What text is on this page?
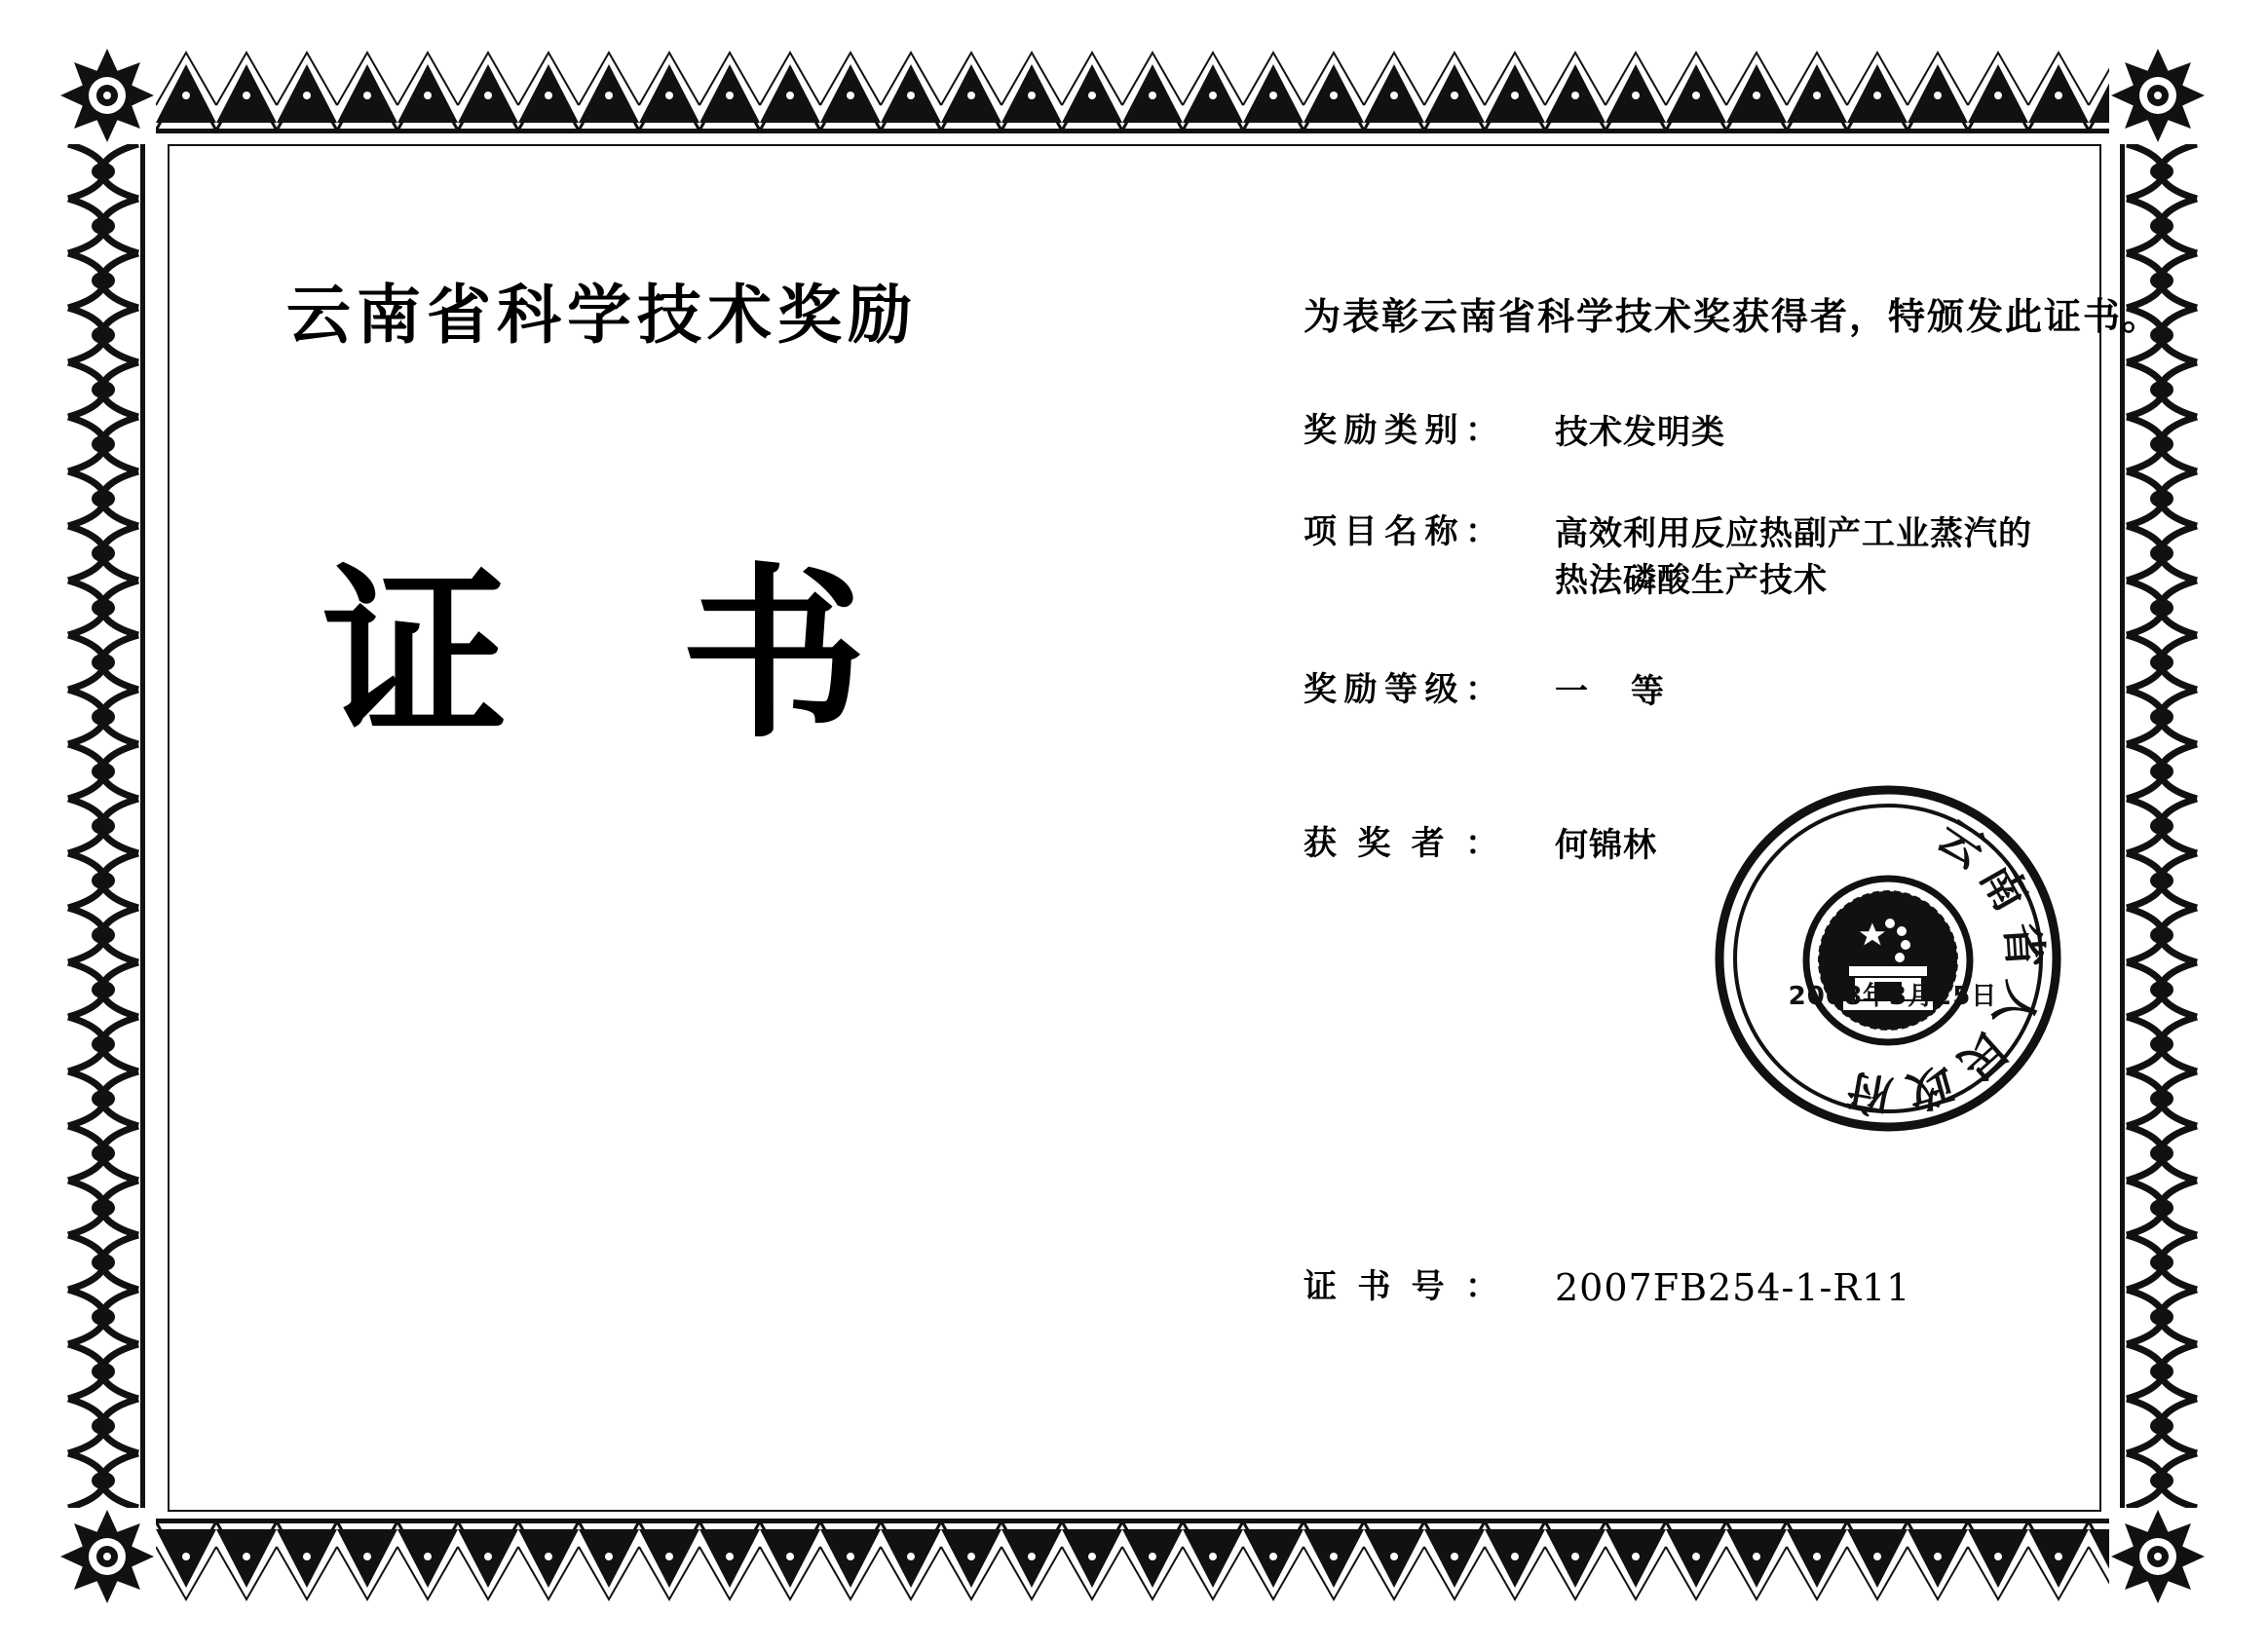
云南省科学技术奖励
证 书
为表彰云南省科学技术奖获得者，特颁发此证书。
奖励类别： 技术发明类
项目名称： 高效利用反应热副产工业蒸汽的热法磷酸生产技术
奖励等级： 一 等
获奖者： 何锦林
证书号： 2007FB254-1-R11
云南省人民政府
2008年3月25日
